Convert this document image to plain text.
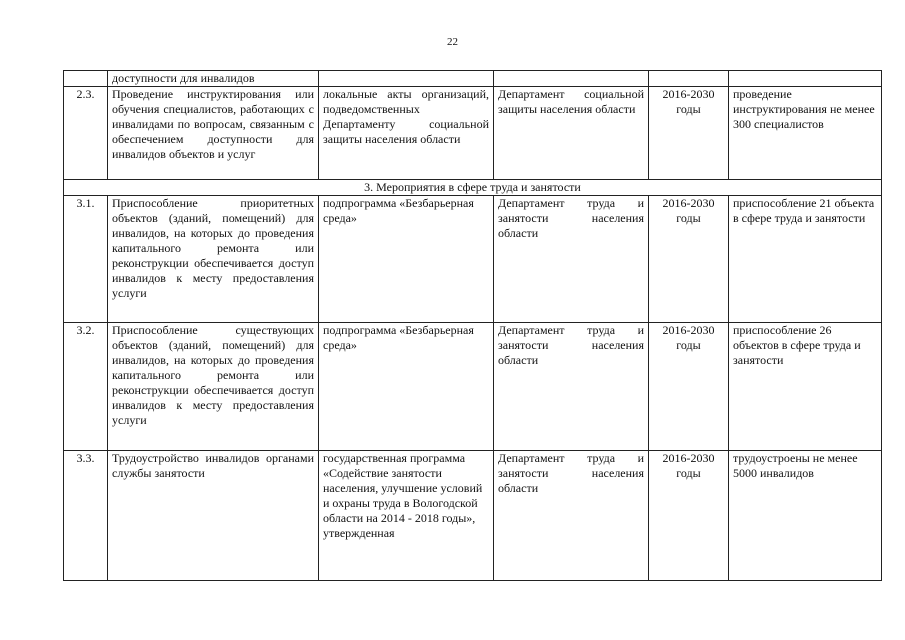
22
	доступности для инвалидов				
2.3.	Проведение инструктирования или обучения специалистов, работающих с инвалидами по вопросам, связанным с обеспечением доступности для инвалидов объектов и услуг	локальные акты организаций, подведомственных Департаменту социальной защиты населения области	Департамент социальной защиты населения области	2016-2030 годы	проведение инструктирования не менее 300 специалистов
3. Мероприятия в сфере труда и занятости					
3.1.	Приспособление приоритетных объектов (зданий, помещений) для инвалидов, на которых до проведения капитального ремонта или реконструкции обеспечивается доступ инвалидов к месту предоставления услуги	подпрограмма «Безбарьерная среда»	Департамент труда и занятости населения области	2016-2030 годы	приспособление 21 объекта в сфере труда и занятости
3.2.	Приспособление существующих объектов (зданий, помещений) для инвалидов, на которых до проведения капитального ремонта или реконструкции обеспечивается доступ инвалидов к месту предоставления услуги	подпрограмма «Безбарьерная среда»	Департамент труда и занятости населения области	2016-2030 годы	приспособление 26 объектов в сфере труда и занятости
3.3.	Трудоустройство инвалидов органами службы занятости	государственная программа «Содействие занятости населения, улучшение условий и охраны труда в Вологодской области на 2014 - 2018 годы», утвержденная	Департамент труда и занятости населения области	2016-2030 годы	трудоустроены не менее 5000 инвалидов
